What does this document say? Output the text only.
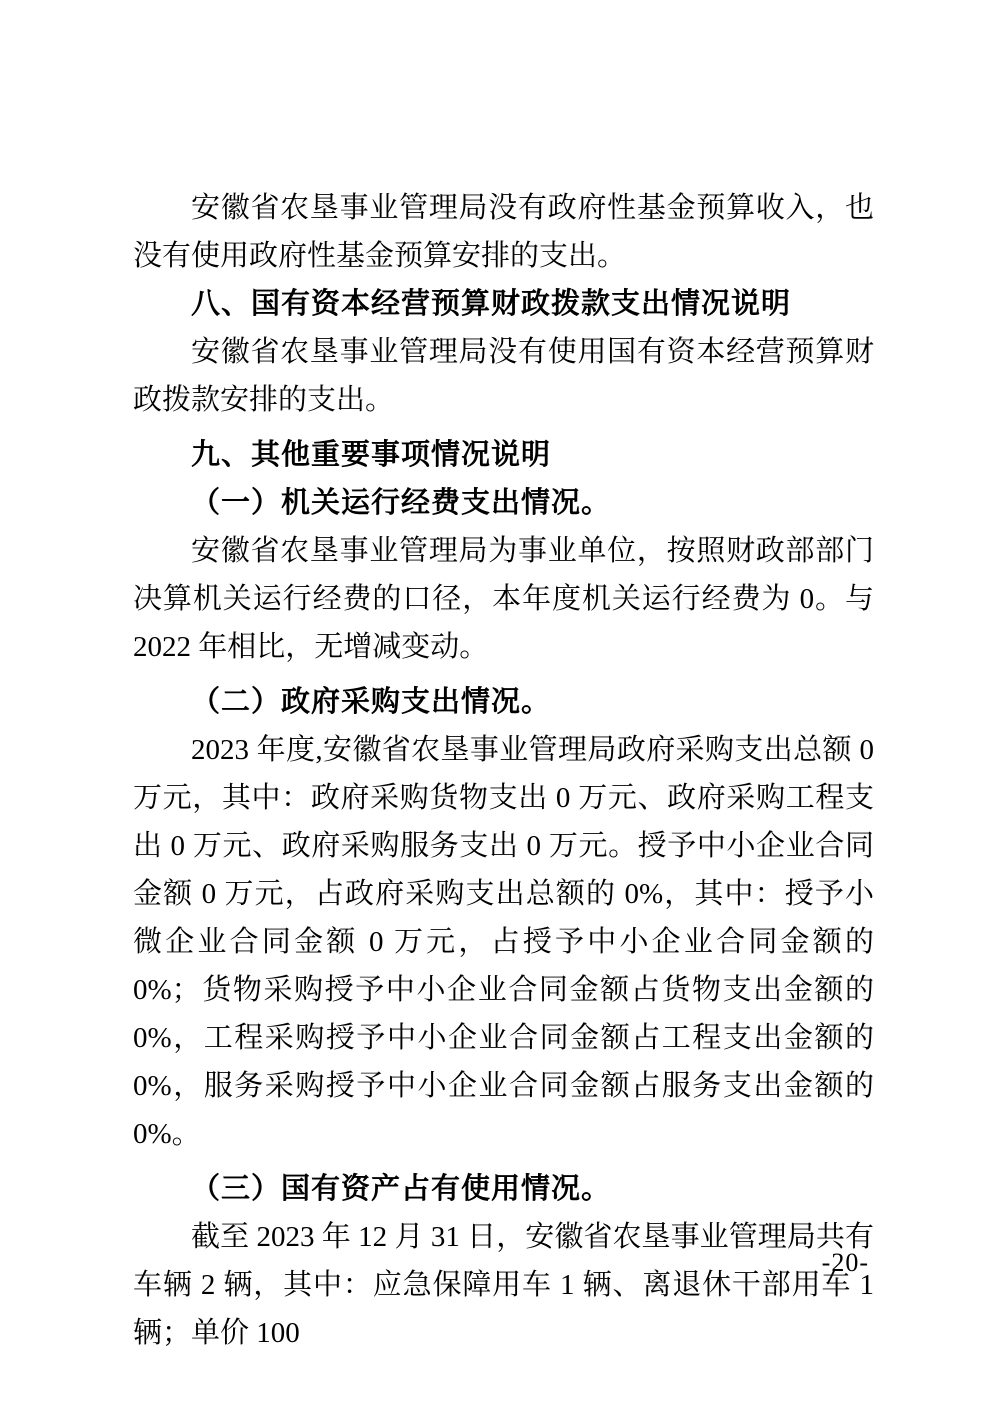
安徽省农垦事业管理局没有政府性基金预算收入，也没有使用政府性基金预算安排的支出。

八、国有资本经营预算财政拨款支出情况说明

安徽省农垦事业管理局没有使用国有资本经营预算财政拨款安排的支出。

九、其他重要事项情况说明

（一）机关运行经费支出情况。

安徽省农垦事业管理局为事业单位，按照财政部部门决算机关运行经费的口径，本年度机关运行经费为 0。与 2022 年相比，无增减变动。

（二）政府采购支出情况。

2023 年度,安徽省农垦事业管理局政府采购支出总额 0 万元，其中：政府采购货物支出 0 万元、政府采购工程支出 0 万元、政府采购服务支出 0 万元。授予中小企业合同金额 0 万元，占政府采购支出总额的 0%，其中：授予小微企业合同金额 0 万元，占授予中小企业合同金额的 0%；货物采购授予中小企业合同金额占货物支出金额的 0%，工程采购授予中小企业合同金额占工程支出金额的 0%，服务采购授予中小企业合同金额占服务支出金额的 0%。

（三）国有资产占有使用情况。

截至 2023 年 12 月 31 日，安徽省农垦事业管理局共有车辆 2 辆，其中：应急保障用车 1 辆、离退休干部用车 1 辆；单价 100

-20-
